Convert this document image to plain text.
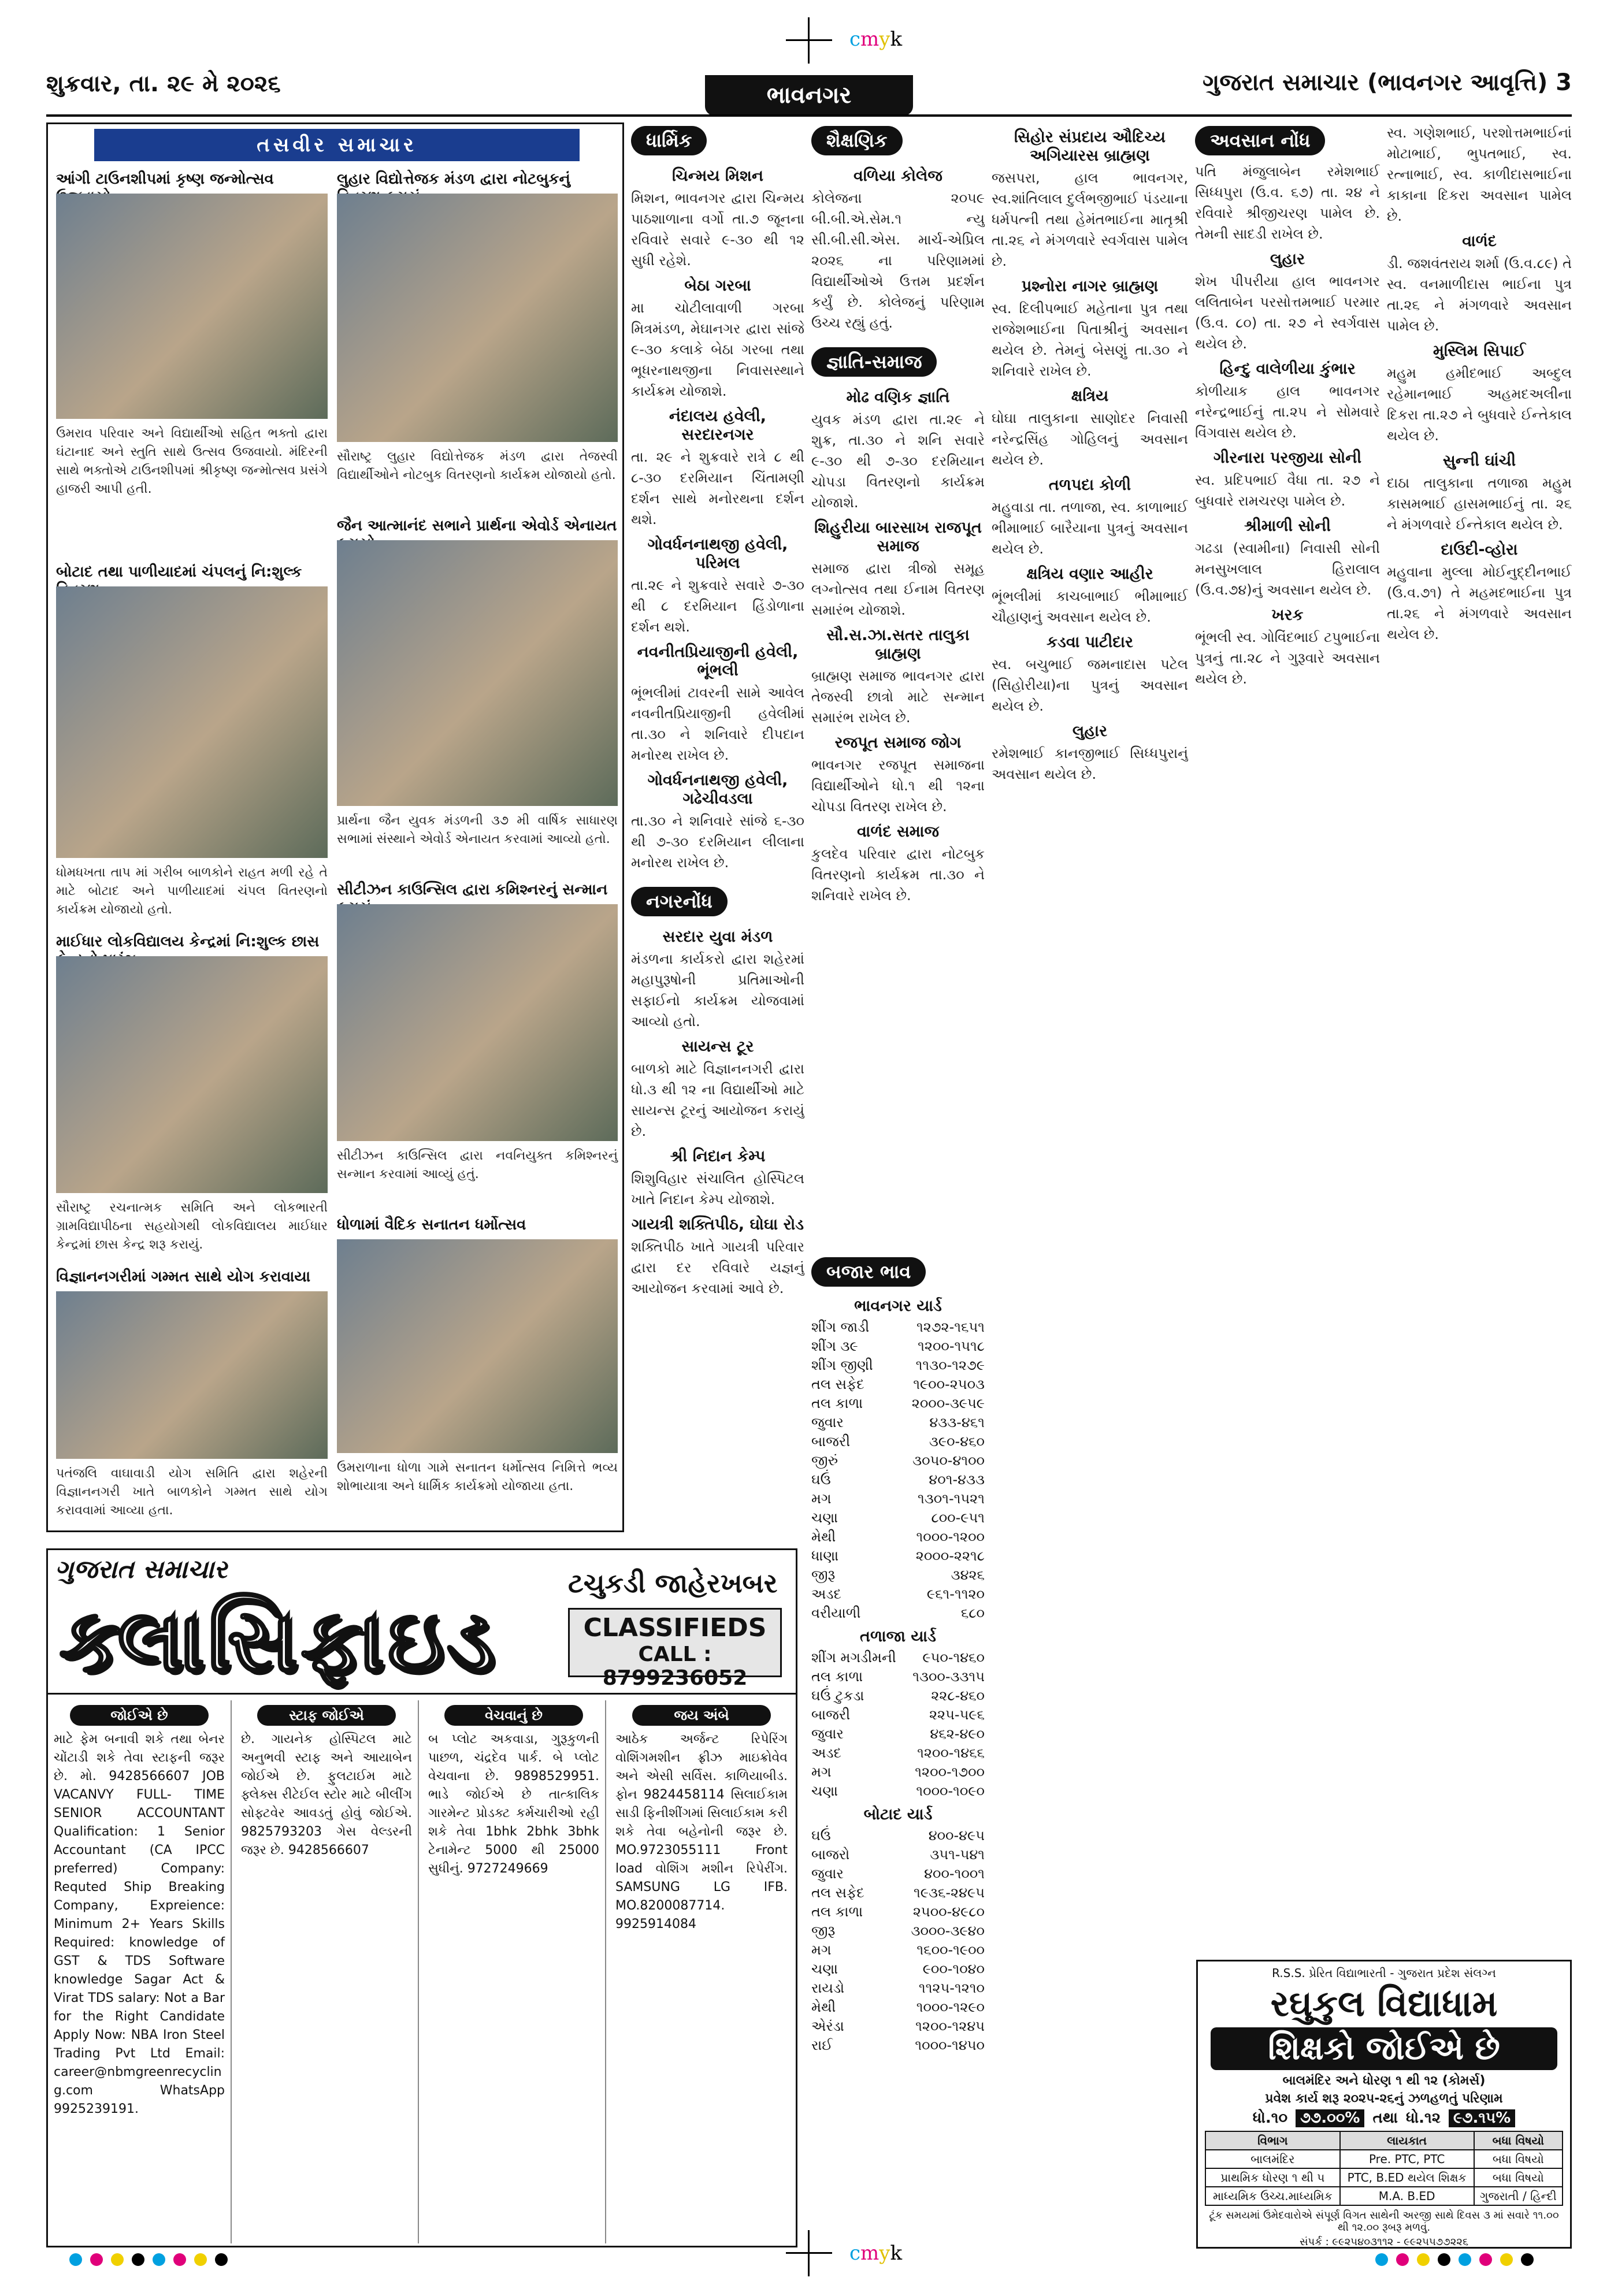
cmyk
cmyk
શુક્રવાર, તા. ૨૯ મે ૨૦૨૬	ભાવનગર	ગુજરાત સમાચાર (ભાવનગર આવૃત્તિ) 3
તસવીર સમાચાર
આંગી ટાઉનશીપમાં કૃષ્ણ જન્મોત્સવ
ઉમરાવ પરિવાર અને વિદ્યાર્થીઓ સહિત ભક્તો દ્વારા ઘંટાનાદ અને સ્તુતિ સાથે ઉત્સવ ઉજવાયો. મંદિરની સાથે ભક્તોએ ટાઉનશીપમાં શ્રીકૃષ્ણ જન્મોત્સવ પ્રસંગે હાજરી આપી હતી.
બોટાદ તથા પાળીયાદમાં ચંપલનું નિ:શુલ્ક
ધોમધખતા તાપ માં ગરીબ બાળકોને રાહત મળી રહે તે માટે બોટાદ અને પાળીયાદમાં ચંપલ વિતરણનો કાર્યક્રમ યોજાયો હતો.
માઈધાર લોકવિદ્યાલય કેન્દ્રમાં નિ:શુલ્ક છાસ
સૌરાષ્ટ્ર રચનાત્મક સમિતિ અને લોકભારતી ગ્રામવિદ્યાપીઠના સહયોગથી લોકવિદ્યાલય માઈધાર કેન્દ્રમાં છાસ કેન્દ્ર શરૂ કરાયું.
વિજ્ઞાનનગરીમાં ગમ્મત સાથે યોગ કરાવાયા
પતંજલિ વાઘાવાડી યોગ સમિતિ દ્વારા શહેરની વિજ્ઞાનનગરી ખાતે બાળકોને ગમ્મત સાથે યોગ કરાવવામાં આવ્યા હતા.
લુહાર વિદ્યોત્તેજક મંડળ દ્વારા નોટબુકનું
સૌરાષ્ટ્ર લુહાર વિદ્યોત્તેજક મંડળ દ્વારા તેજસ્વી વિદ્યાર્થીઓને નોટબુક વિતરણનો કાર્યક્રમ યોજાયો હતો.
જૈન આત્માનંદ સભાને પ્રાર્થના એવોર્ડ એનાયત
પ્રાર્થના જૈન યુવક મંડળની ૩૭ મી વાર્ષિક સાધારણ સભામાં સંસ્થાને એવોર્ડ એનાયત કરવામાં આવ્યો હતો.
સીટીઝન કાઉન્સિલ દ્વારા કમિશ્નરનું સન્માન
સીટીઝન કાઉન્સિલ દ્વારા નવનિયુક્ત કમિશ્નરનું સન્માન કરવામાં આવ્યું હતું.
ધોળામાં વૈદિક સનાતન ધર્મોત્સવ
ઉમરાળાના ધોળા ગામે સનાતન ધર્મોત્સવ નિમિત્તે ભવ્ય શોભાયાત્રા અને ધાર્મિક કાર્યક્રમો યોજાયા હતા.
ધાર્મિક
ચિન્મય મિશન
મિશન, ભાવનગર દ્વારા ચિન્મય પાઠશાળાના વર્ગો તા.૭ જૂનના રવિવારે સવારે ૯-૩૦ થી ૧૨ સુધી રહેશે.
બેઠા ગરબા
મા ચોટીલાવાળી ગરબા મિત્રમંડળ, મેઘાનગર દ્વારા સાંજે ૯-૩૦ કલાકે બેઠા ગરબા તથા ભૂધરનાથજીના નિવાસસ્થાને કાર્યક્રમ યોજાશે.
નંદાલય હવેલી, સરદારનગર
તા. ૨૯ ને શુક્રવારે રાત્રે ૮ થી ૮-૩૦ દરમિયાન ચિંતામણી દર્શન સાથે મનોરથના દર્શન થશે.
ગોવર્ધનનાથજી હવેલી, પરિમલ
તા.૨૯ ને શુક્રવારે સવારે ૭-૩૦ થી ૮ દરમિયાન હિંડોળાના દર્શન થશે.
નવનીતપ્રિયાજીની હવેલી, ભૂંભલી
ભૂંભલીમાં ટાવરની સામે આવેલ નવનીતપ્રિયાજીની હવેલીમાં તા.૩૦ ને શનિવારે દીપદાન મનોરથ રાખેલ છે.
ગોવર્ધનનાથજી હવેલી, ગઢેચીવડલા
તા.૩૦ ને શનિવારે સાંજે ૬-૩૦ થી ૭-૩૦ દરમિયાન લીલાના મનોરથ રાખેલ છે.
નગરનોંધ
સરદાર યુવા મંડળ
મંડળના કાર્યકરો દ્વારા શહેરમાં મહાપુરૂષોની પ્રતિમાઓની સફાઈનો કાર્યક્રમ યોજવામાં આવ્યો હતો.
સાયન્સ ટૂર
બાળકો માટે વિજ્ઞાનનગરી દ્વારા ધો.૩ થી ૧૨ ના વિદ્યાર્થીઓ માટે સાયન્સ ટૂરનું આયોજન કરાયું છે.
શ્રી નિદાન કેમ્પ
શિશુવિહાર સંચાલિત હોસ્પિટલ ખાતે નિદાન કેમ્પ યોજાશે.
ગાયત્રી શક્તિપીઠ, ઘોઘા રોડ
શક્તિપીઠ ખાતે ગાયત્રી પરિવાર દ્વારા દર રવિવારે યજ્ઞનું આયોજન કરવામાં આવે છે.
શૈક્ષણિક
વળિયા કોલેજ
કોલેજના ૨૦૫૯ બી.બી.એ.સેમ.૧ ન્યુ સી.બી.સી.એસ. માર્ચ-એપ્રિલ ૨૦૨૬ ના પરિણામમાં વિદ્યાર્થીઓએ ઉત્તમ પ્રદર્શન કર્યું છે. કોલેજનું પરિણામ ઉચ્ચ રહ્યું હતું.
જ્ઞાતિ-સમાજ
મોઢ વણિક જ્ઞાતિ
યુવક મંડળ દ્વારા તા.૨૯ ને શુક્ર, તા.૩૦ ને શનિ સવારે ૯-૩૦ થી ૭-૩૦ દરમિયાન ચોપડા વિતરણનો કાર્યક્રમ યોજાશે.
શિહુરીયા બારસાખ રાજપૂત સમાજ
સમાજ દ્વારા ત્રીજો સમૂહ લગ્નોત્સવ તથા ઈનામ વિતરણ સમારંભ યોજાશે.
સૌ.સ.ઝા.સતર તાલુકા બ્રાહ્મણ
બ્રાહ્મણ સમાજ ભાવનગર દ્વારા તેજસ્વી છાત્રો માટે સન્માન સમારંભ રાખેલ છે.
રજપૂત સમાજ જોગ
ભાવનગર રજપૂત સમાજના વિદ્યાર્થીઓને ધો.૧ થી ૧૨ના ચોપડા વિતરણ રાખેલ છે.
વાળંદ સમાજ
કુલદેવ પરિવાર દ્વારા નોટબુક વિતરણનો કાર્યક્રમ તા.૩૦ ને શનિવારે રાખેલ છે.
બજાર ભાવ
ભાવનગર યાર્ડ
શીંગ જાડી	૧૨૭૨-૧૬૫૧
શીંગ ૩૯	૧૨૦૦-૧૫૧૮
શીંગ જીણી	૧૧૩૦-૧૨૭૯
તલ સફેદ	૧૯૦૦-૨૫૦૩
તલ કાળા	૨૦૦૦-૩૯૫૯
જુવાર	૪૩૩-૪૬૧
બાજરી	૩૯૦-૪૬૦
જીરું	૩૦૫૦-૪૧૦૦
ઘઉં	૪૦૧-૪૩૩
મગ	૧૩૦૧-૧૫૨૧
ચણા	૮૦૦-૯૫૧
મેથી	૧૦૦૦-૧૨૦૦
ધાણા	૨૦૦૦-૨૨૧૮
જીરૂ	૩૪૨૬
અડદ	૯૬૧-૧૧૨૦
વરીયાળી	૬૮૦
તળાજા યાર્ડ
શીંગ મગડીમની ૯૫૦-૧૪૬૦
તલ કાળા	૧૩૦૦-૩૩૧૫
ઘઉં ટુકડા	૨૨૮-૪૬૦
બાજરી	૨૨૫-૫૯૬
જુવાર	૪૬૨-૪૯૦
અડદ	૧૨૦૦-૧૪૬૬
મગ	૧૨૦૦-૧૭૦૦
ચણા	૧૦૦૦-૧૦૯૦
બોટાદ યાર્ડ
ઘઉં	૪૦૦-૪૯૫
બાજરો	૩૫૧-૫૪૧
જુવાર	૪૦૦-૧૦૦૧
તલ સફેદ	૧૯૩૬-૨૪૯૫
તલ કાળા	૨૫૦૦-૪૯૮૦
જીરૂ	૩૦૦૦-૩૯૪૦
મગ	૧૬૦૦-૧૯૦૦
ચણા	૯૦૦-૧૦૪૦
રાયડો	૧૧૨૫-૧૨૧૦
મેથી	૧૦૦૦-૧૨૯૦
એરંડા	૧૨૦૦-૧૨૪૫
રાઈ	૧૦૦૦-૧૪૫૦
સિહોર સંપ્રદાય ઔદિચ્ય અગિયારસ બ્રાહ્મણ
જસપરા, હાલ ભાવનગર, સ્વ.શાંતિલાલ દુર્લભજીભાઈ પંડયાના ધર્મપત્ની તથા હેમંતભાઈના માતૃશ્રી તા.૨૬ ને મંગળવારે સ્વર્ગવાસ પામેલ છે.
પ્રશ્નોરા નાગર બ્રાહ્મણ
સ્વ. દિલીપભાઈ મહેતાના પુત્ર તથા રાજેશભાઈના પિતાશ્રીનું અવસાન થયેલ છે. તેમનું બેસણું તા.૩૦ ને શનિવારે રાખેલ છે.
ક્ષત્રિય
ઘોઘા તાલુકાના સાણોદર નિવાસી નરેન્દ્રસિંહ ગોહિલનું અવસાન થયેલ છે.
તળપદા કોળી
મહુવાડા તા. તળાજા, સ્વ. કાળાભાઈ ભીમાભાઈ બારૈયાના પુત્રનું અવસાન થયેલ છે.
ક્ષત્રિય વણાર આહીર
ભૂંભલીમાં કાચબાભાઈ ભીમાભાઈ ચૌહાણનું અવસાન થયેલ છે.
કડવા પાટીદાર
સ્વ. બચુભાઈ જમનાદાસ પટેલ (સિહોરીયા)ના પુત્રનું અવસાન થયેલ છે.
લુહાર
રમેશભાઈ કાનજીભાઈ સિધ્ધપુરાનું અવસાન થયેલ છે.
અવસાન નોંધ
પતિ મંજુલાબેન રમેશભાઈ સિધ્ધપુરા (ઉ.વ. ૬૭) તા. ૨૪ ને રવિવારે શ્રીજીચરણ પામેલ છે. તેમની સાદડી રાખેલ છે.
લુહાર
શેખ પીપરીયા હાલ ભાવનગર લલિતાબેન પરસોત્તમભાઈ પરમાર (ઉ.વ. ૮૦) તા. ૨૭ ને સ્વર્ગવાસ થયેલ છે.
હિન્દુ વાલેળીયા કુંભાર
કોળીયાક હાલ ભાવનગર નરેન્દ્રભાઈનું તા.૨૫ ને સોમવારે વિંગવાસ થયેલ છે.
ગીરનારા પરજીયા સોની
સ્વ. પ્રદિપભાઈ વૈધા તા. ૨૭ ને બુધવારે રામચરણ પામેલ છે.
શ્રીમાળી સોની
ગઢડા (સ્વામીના) નિવાસી સોની મનસુખલાલ હિરાલાલ (ઉ.વ.૭૪)નું અવસાન થયેલ છે.
ખરક
ભૂંભલી સ્વ. ગોવિંદભાઈ ટપુભાઈના પુત્રનું તા.૨૮ ને ગુરૂવારે અવસાન થયેલ છે.
સ્વ. ગણેશભાઈ, પરશોત્તમભાઈનાં મોટાભાઈ, ભુપતભાઈ, સ્વ. રત્નાભાઈ, સ્વ. કાળીદાસભાઈના કાકાના દિકરા અવસાન પામેલ છે.
વાળંદ
ડી. જશવંતરાય શર્મા (ઉ.વ.૮૯) તે સ્વ. વનમાળીદાસ ભાઈના પુત્ર તા.૨૬ ને મંગળવારે અવસાન પામેલ છે.
મુસ્લિમ સિપાઈ
મહુમ હમીદભાઈ અબ્દુલ રહેમાનભાઈ અહમદઅલીના દિકરા તા.૨૭ ને બુધવારે ઈન્તેકાલ થયેલ છે.
સુન્ની ઘાંચી
દાઠા તાલુકાના તળાજા મહુમ કાસમભાઈ હાસમભાઈનું તા. ૨૬ ને મંગળવારે ઈન્તેકાલ થયેલ છે.
દાઉદી-વ્હોરા
મહુવાના મુલ્લા મોઈનુદ્દીનભાઈ (ઉ.વ.૭૧) તે મહમદભાઈના પુત્ર તા.૨૬ ને મંગળવારે અવસાન થયેલ છે.
ગુજરાત સમાચાર
ક્લાસિફાઇડ
ટચુકડી જાહેરખબર
CLASSIFIEDS
CALL : 8799236052
જોઈએ છે
માટે ફેમ બનાવી શકે તથા બેનર ચોંટાડી શકે તેવા સ્ટાફની જરૂર છે. મો. 9428566607 JOB VACANVY FULL- TIME SENIOR ACCOUNTANT Qualification: 1 Senior Accountant (CA IPCC preferred) Company: Requted Ship Breaking Company, Expreience: Minimum 2+ Years Skills Required: knowledge of GST & TDS Software knowledge Sagar Act & Virat TDS salary: Not a Bar for the Right Candidate Apply Now: NBA Iron Steel Trading Pvt Ltd Email: career@nbmgreenrecyclin g.com WhatsApp 9925239191.
સ્ટાફ જોઈએ
છે. ગાયનેક હોસ્પિટલ માટે અનુભવી સ્ટાફ અને આયાબેન જોઈએ છે. ફુલટાઈમ માટે ફ્લેક્સ રીટેઈલ સ્ટોર માટે બીલીંગ સોફ્ટવેર આવડતું હોવું જોઈએ. 9825793203 ગેસ વેલ્ડરની જરૂર છે. 9428566607
વેચવાનું છે
બ પ્લોટ અકવાડા, ગુરૂકુળની પાછળ, ચંદ્રદેવ પાર્ક. બે પ્લોટ વેચવાના છે. 9898529951. ભાડે જોઈએ છે તાત્કાલિક ગારમેન્ટ પ્રોડક્ટ કર્મચારીઓ રહી શકે તેવા 1bhk 2bhk 3bhk ટેનામેન્ટ 5000 થી 25000 સુધીનું. 9727249669
જય અંબે
આઠેક અર્જન્ટ રિપેરિંગ વોશિંગમશીન ફ્રીઝ માઇક્રોવેવ અને એસી સર્વિસ. કાળિયાબીડ. ફોન 9824458114 સિલાઈકામ સાડી ફિનીશીંગમાં સિલાઈકામ કરી શકે તેવા બહેનોની જરૂર છે. MO.9723055111 Front load વોશિંગ મશીન રિપેરીંગ. SAMSUNG LG IFB. MO.8200087714. 9925914084
R.S.S. પ્રેરિત વિદ્યાભારતી - ગુજરાત પ્રદેશ સંલગ્ન
રઘુકુલ વિદ્યાધામ
શિક્ષકો જોઈએ છે
બાલમંદિર અને ધોરણ ૧ થી ૧૨ (કોમર્સ)
પ્રવેશ કાર્ય શરૂ ૨૦૨૫-૨૬નું ઝળહળતું પરિણામ
ધો.૧૦ ૭૭.૦૦% તથા ધો.૧૨ ૯૭.૧૫%
વિભાગ	લાયકાત	બધા વિષયો
બાલમંદિર	Pre. PTC, PTC	બધા વિષયો
પ્રાથમિક ધોરણ ૧ થી ૫	PTC, B.ED થયેલ શિક્ષક	બધા વિષયો
માધ્યમિક ઉચ્ચ.માધ્યમિક	M.A. B.ED	ગુજરાતી / હિન્દી
ટૂંક સમયમાં ઉમેદવારોએ સંપૂર્ણ વિગત સાથેની અરજી સાથે દિવસ ૩ માં સવારે ૧૧.૦૦ થી ૧૨.૦૦ રૂબરૂ મળવું.
સંપર્ક : ૯૯૨૫૪૦૩૧૧૨ - ૯૯૨૫૫૭૭૨૨૬
